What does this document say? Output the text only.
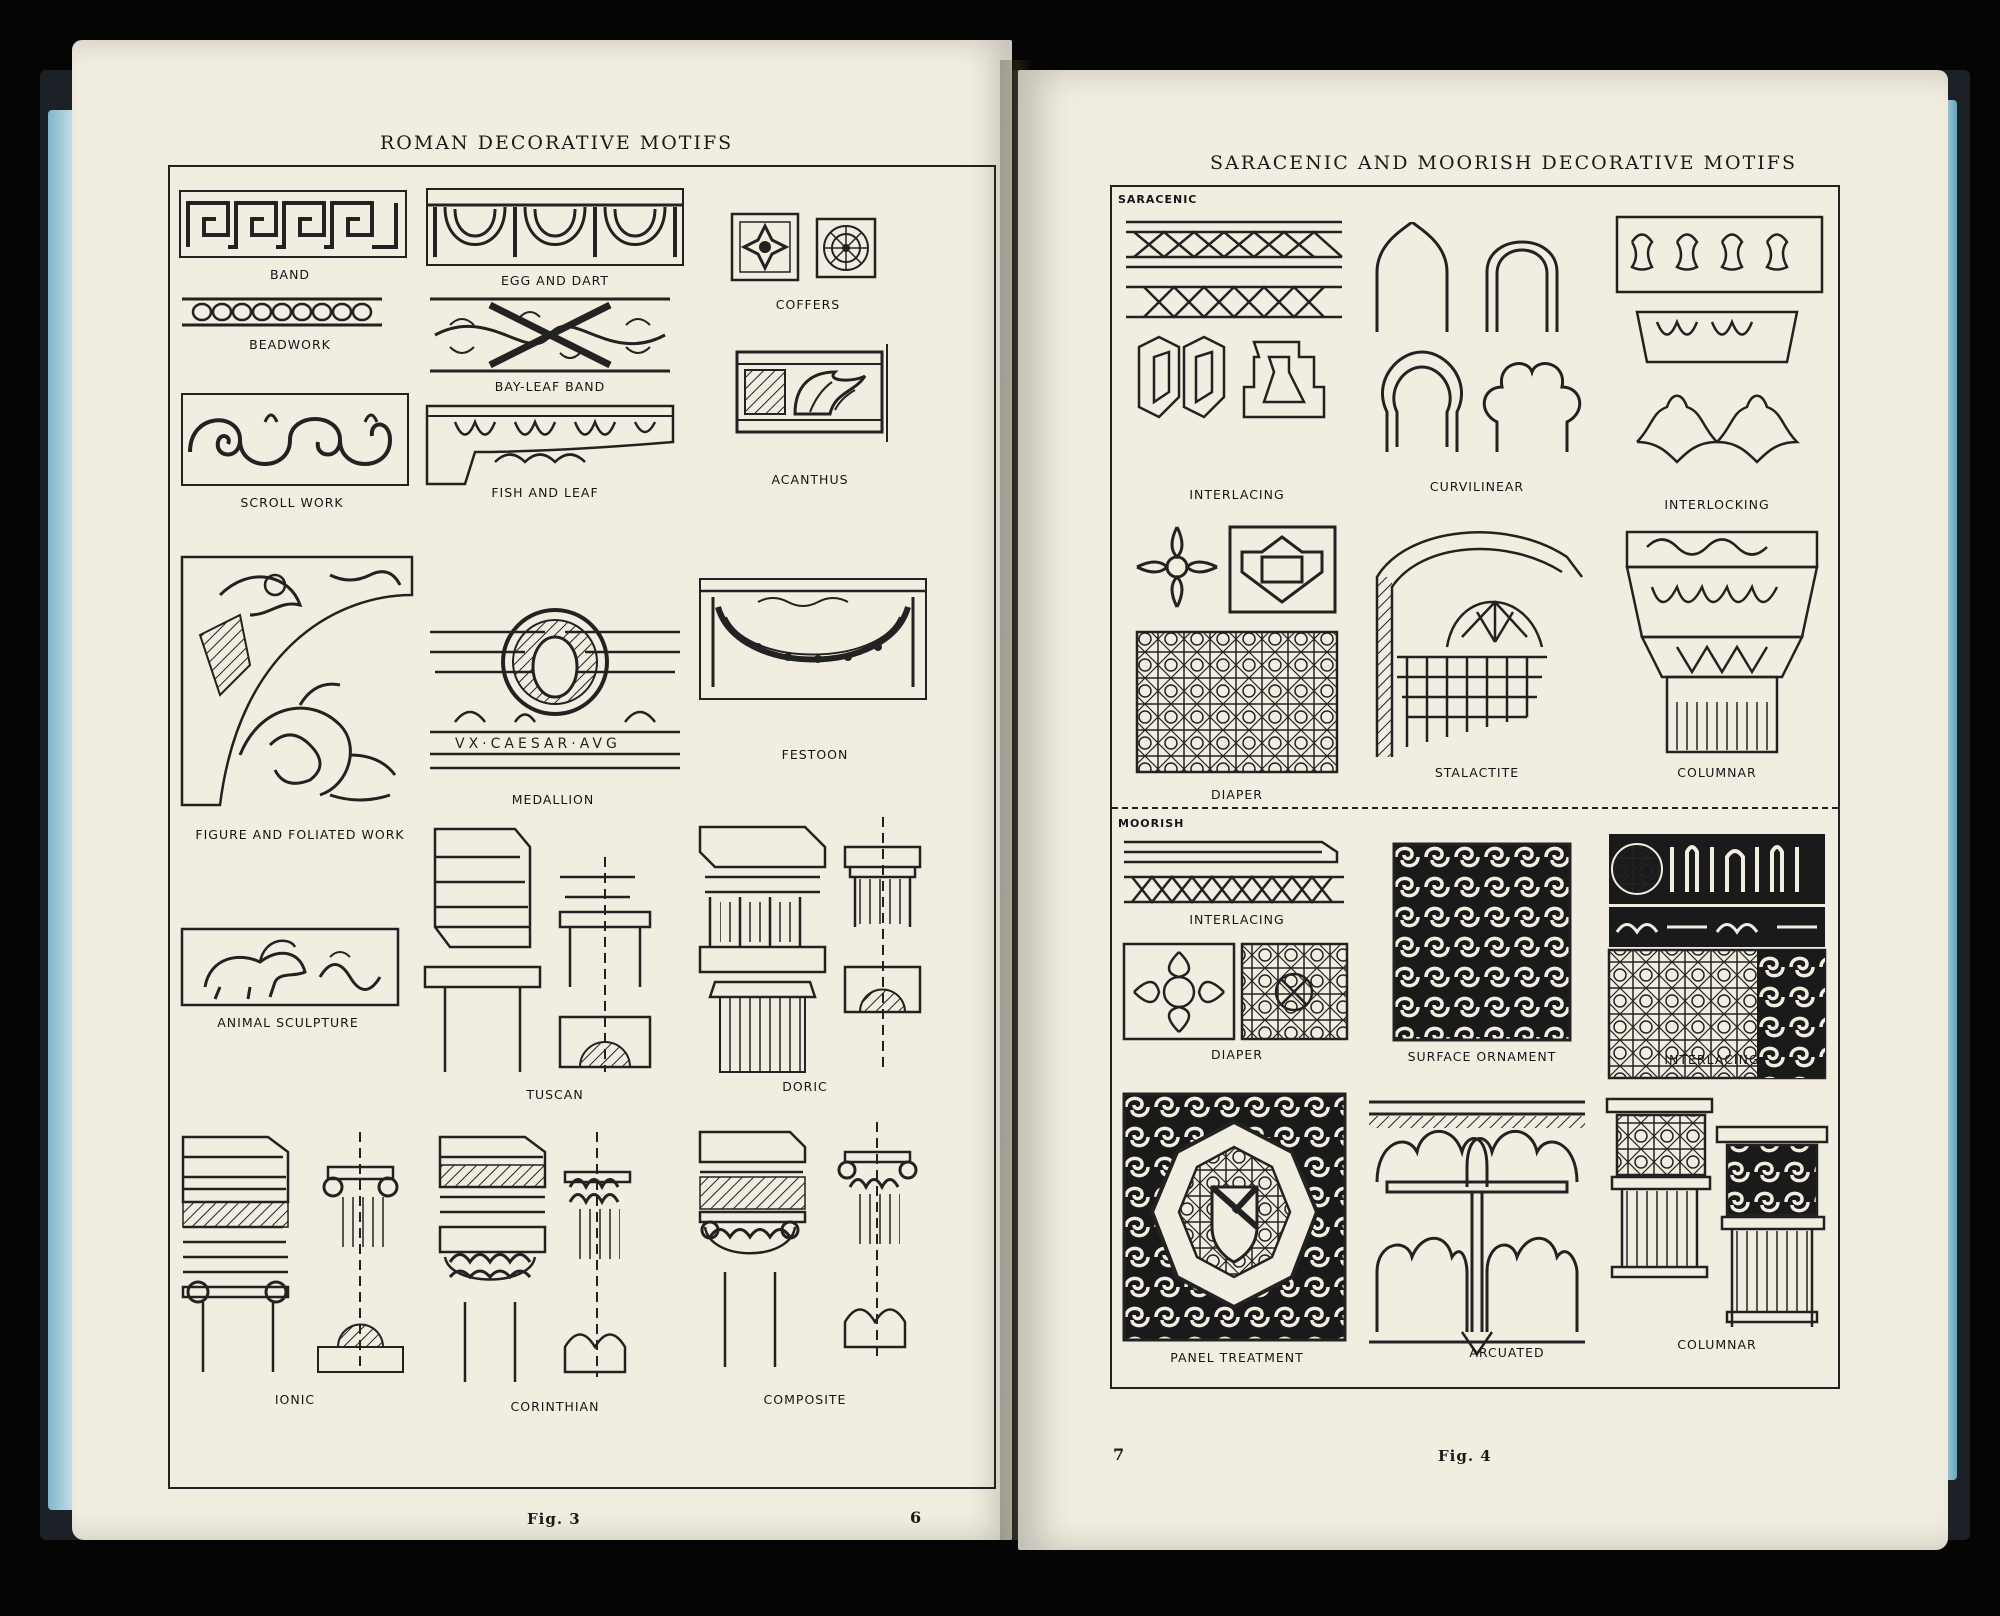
ROMAN DECORATIVE MOTIFS
BAND
BEADWORK
SCROLL WORK
EGG AND DART
BAY-LEAF BAND
FISH AND LEAF
COFFERS
ACANTHUS
FIGURE AND FOLIATED WORK
VX·CAESAR·AVG
MEDALLION
FESTOON
ANIMAL SCULPTURE
TUSCAN
DORIC
IONIC	CORINTHIAN	COMPOSITE
Fig. 3	6
SARACENIC AND MOORISH DECORATIVE MOTIFS
SARACENIC
INTERLACING
CURVILINEAR
INTERLOCKING
DIAPER
STALACTITE	COLUMNAR
MOORISH
INTERLACING
DIAPER	SURFACE ORNAMENT	INTERLACING
PANEL TREATMENT	ARCUATED
COLUMNAR
7	Fig. 4
